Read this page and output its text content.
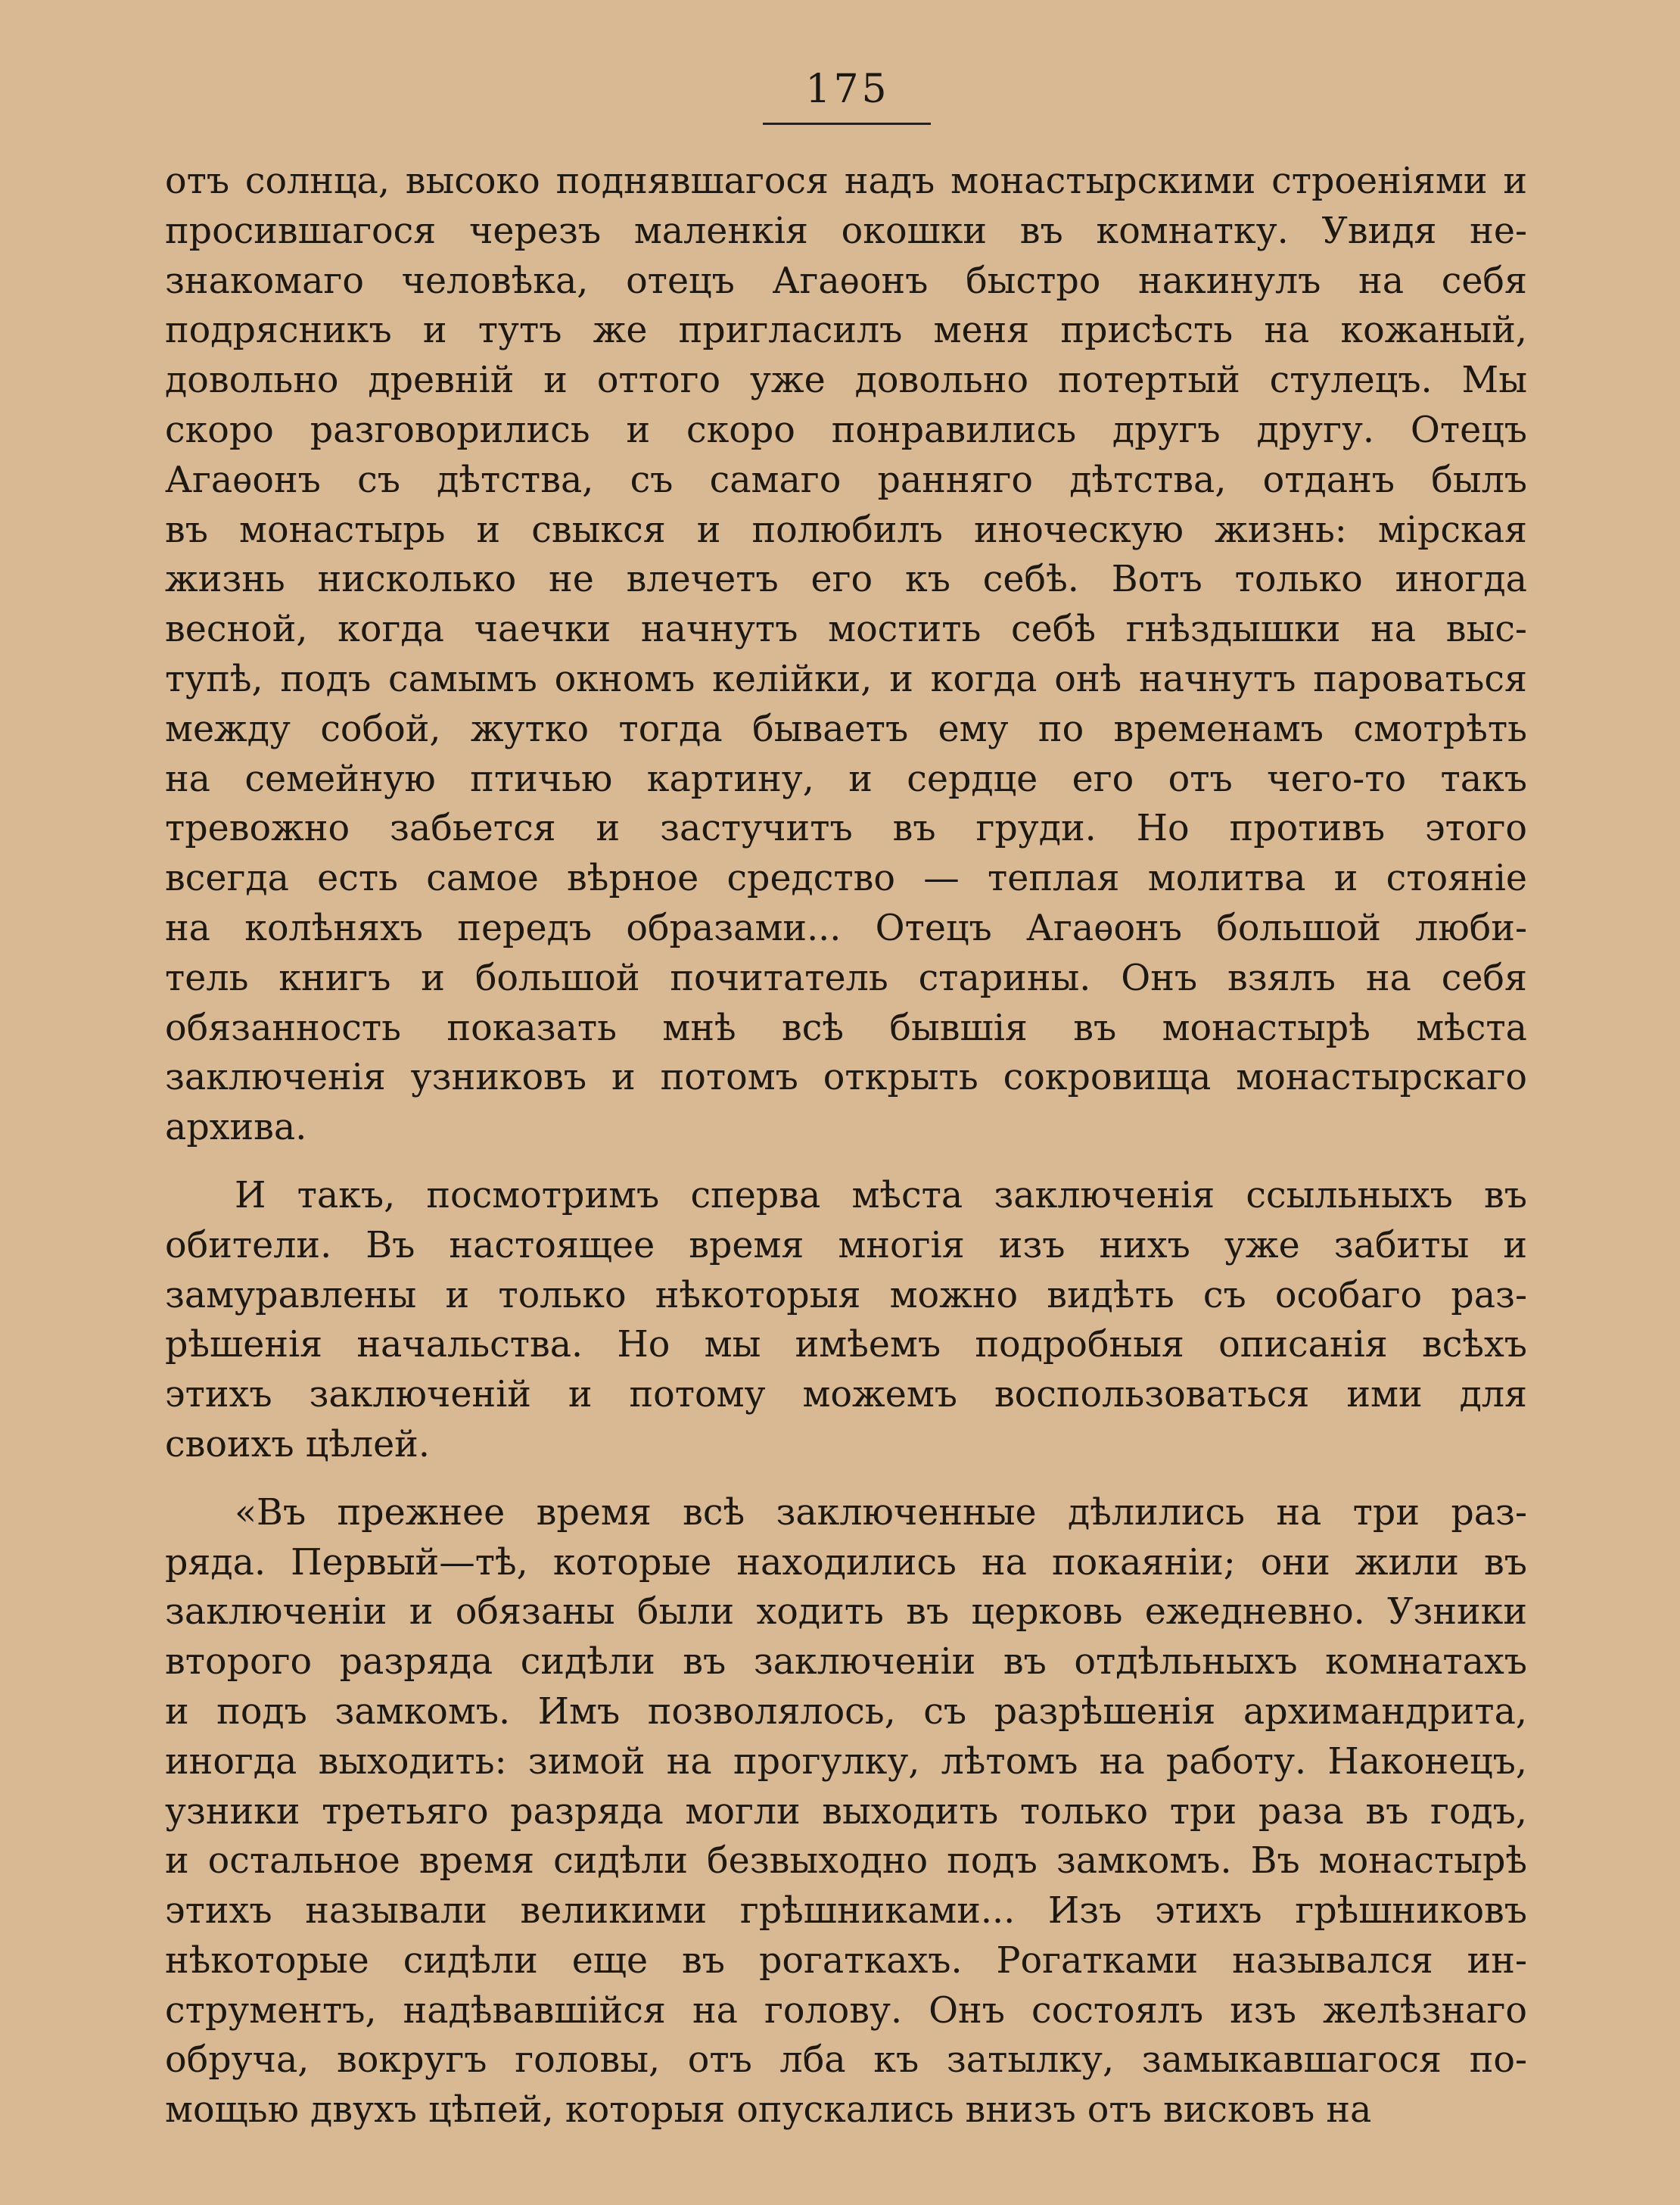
175
отъ солнца, высоко поднявшагося надъ монастырскими строенiями и
просившагося черезъ маленкiя окошки въ комнатку. Увидя не-
знакомаго человѣка, отецъ Агаѳонъ быстро накинулъ на себя
подрясникъ и тутъ же пригласилъ меня присѣсть на кожаный,
довольно древнiй и оттого уже довольно потертый стулецъ. Мы
скоро разговорились и скоро понравились другъ другу. Отецъ
Агаѳонъ съ дѣтства, съ самаго ранняго дѣтства, отданъ былъ
въ монастырь и свыкся и полюбилъ иноческую жизнь: мiрская
жизнь нисколько не влечетъ его къ себѣ. Вотъ только иногда
весной, когда чаечки начнутъ мостить себѣ гнѣздышки на выс-
тупѣ, подъ самымъ окномъ келiйки, и когда онѣ начнутъ пароваться
между собой, жутко тогда бываетъ ему по временамъ смотрѣть
на семейную птичью картину, и сердце его отъ чего-то такъ
тревожно забьется и застучитъ въ груди. Но противъ этого
всегда есть самое вѣрное средство — теплая молитва и стоянiе
на колѣняхъ передъ образами... Отецъ Агаѳонъ большой люби-
тель книгъ и большой почитатель старины. Онъ взялъ на себя
обязанность показать мнѣ всѣ бывшiя въ монастырѣ мѣста
заключенiя узниковъ и потомъ открыть сокровища монастырскаго
архива.
И такъ, посмотримъ сперва мѣста заключенiя ссыльныхъ въ
обители. Въ настоящее время многiя изъ нихъ уже забиты и
замуравлены и только нѣкоторыя можно видѣть съ особаго раз-
рѣшенiя начальства. Но мы имѣемъ подробныя описанiя всѣхъ
этихъ заключенiй и потому можемъ воспользоваться ими для
своихъ цѣлей.
«Въ прежнее время всѣ заключенные дѣлились на три раз-
ряда. Первый—тѣ, которые находились на покаянiи; они жили въ
заключенiи и обязаны были ходить въ церковь ежедневно. Узники
второго разряда сидѣли въ заключенiи въ отдѣльныхъ комнатахъ
и подъ замкомъ. Имъ позволялось, съ разрѣшенiя архимандрита,
иногда выходить: зимой на прогулку, лѣтомъ на работу. Наконецъ,
узники третьяго разряда могли выходить только три раза въ годъ,
и остальное время сидѣли безвыходно подъ замкомъ. Въ монастырѣ
этихъ называли великими грѣшниками... Изъ этихъ грѣшниковъ
нѣкоторые сидѣли еще въ рогаткахъ. Рогатками назывался ин-
струментъ, надѣвавшiйся на голову. Онъ состоялъ изъ желѣзнаго
обруча, вокругъ головы, отъ лба къ затылку, замыкавшагося по-
мощью двухъ цѣпей, которыя опускались внизъ отъ висковъ на
